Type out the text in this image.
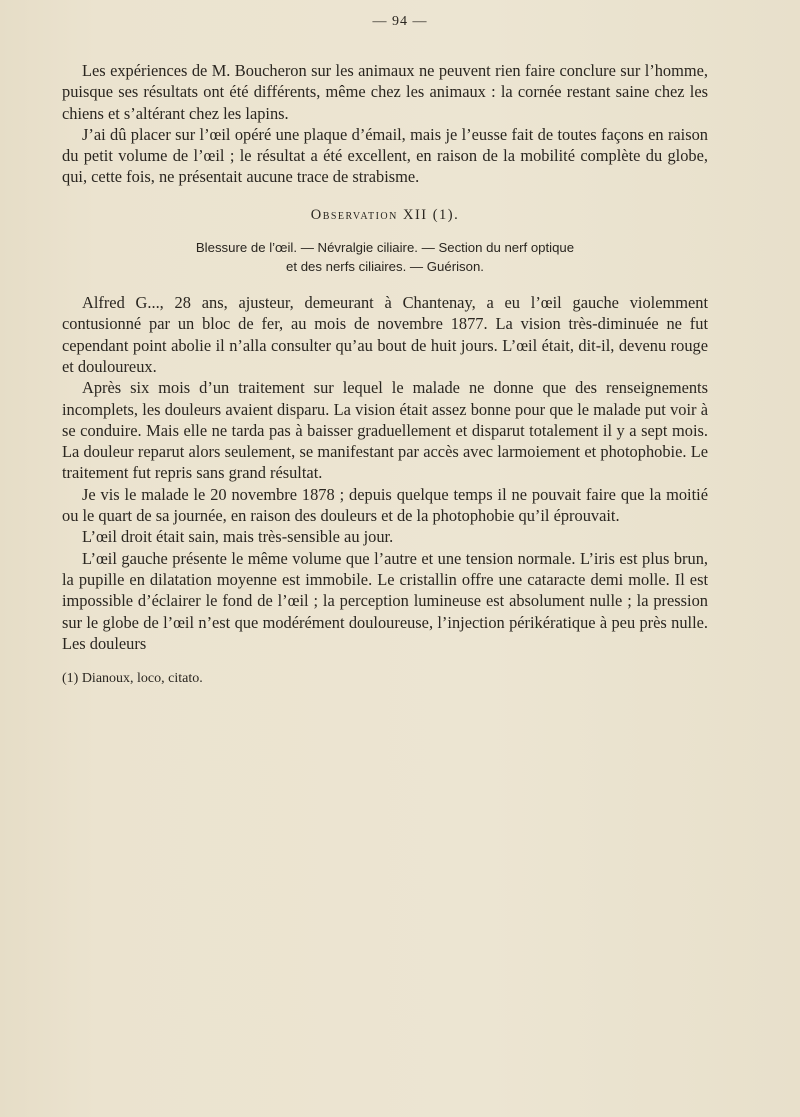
— 94 —

Les expériences de M. Boucheron sur les animaux ne peuvent rien faire conclure sur l’homme, puisque ses résultats ont été différents, même chez les animaux : la cornée restant saine chez les chiens et s’altérant chez les lapins.

J’ai dû placer sur l’œil opéré une plaque d’émail, mais je l’eusse fait de toutes façons en raison du petit volume de l’œil ; le résultat a été excellent, en raison de la mobilité complète du globe, qui, cette fois, ne présentait aucune trace de strabisme.

Observation XII (1).
Blessure de l’œil. — Névralgie ciliaire. — Section du nerf optique
et des nerfs ciliaires. — Guérison.

Alfred G..., 28 ans, ajusteur, demeurant à Chantenay, a eu l’œil gauche violemment contusionné par un bloc de fer, au mois de novembre 1877. La vision très-diminuée ne fut cependant point abolie il n’alla consulter qu’au bout de huit jours. L’œil était, dit-il, devenu rouge et douloureux.

Après six mois d’un traitement sur lequel le malade ne donne que des renseignements incomplets, les douleurs avaient disparu. La vision était assez bonne pour que le malade put voir à se conduire. Mais elle ne tarda pas à baisser graduellement et disparut totalement il y a sept mois. La douleur reparut alors seulement, se manifestant par accès avec larmoiement et photophobie. Le traitement fut repris sans grand résultat.

Je vis le malade le 20 novembre 1878 ; depuis quelque temps il ne pouvait faire que la moitié ou le quart de sa journée, en raison des douleurs et de la photophobie qu’il éprouvait.

L’œil droit était sain, mais très-sensible au jour.

L’œil gauche présente le même volume que l’autre et une tension normale. L’iris est plus brun, la pupille en dilatation moyenne est immobile. Le cristallin offre une cataracte demi molle. Il est impossible d’éclairer le fond de l’œil ; la perception lumineuse est absolument nulle ; la pression sur le globe de l’œil n’est que modérément douloureuse, l’injection périkératique à peu près nulle. Les douleurs

(1) Dianoux, loco, citato.
